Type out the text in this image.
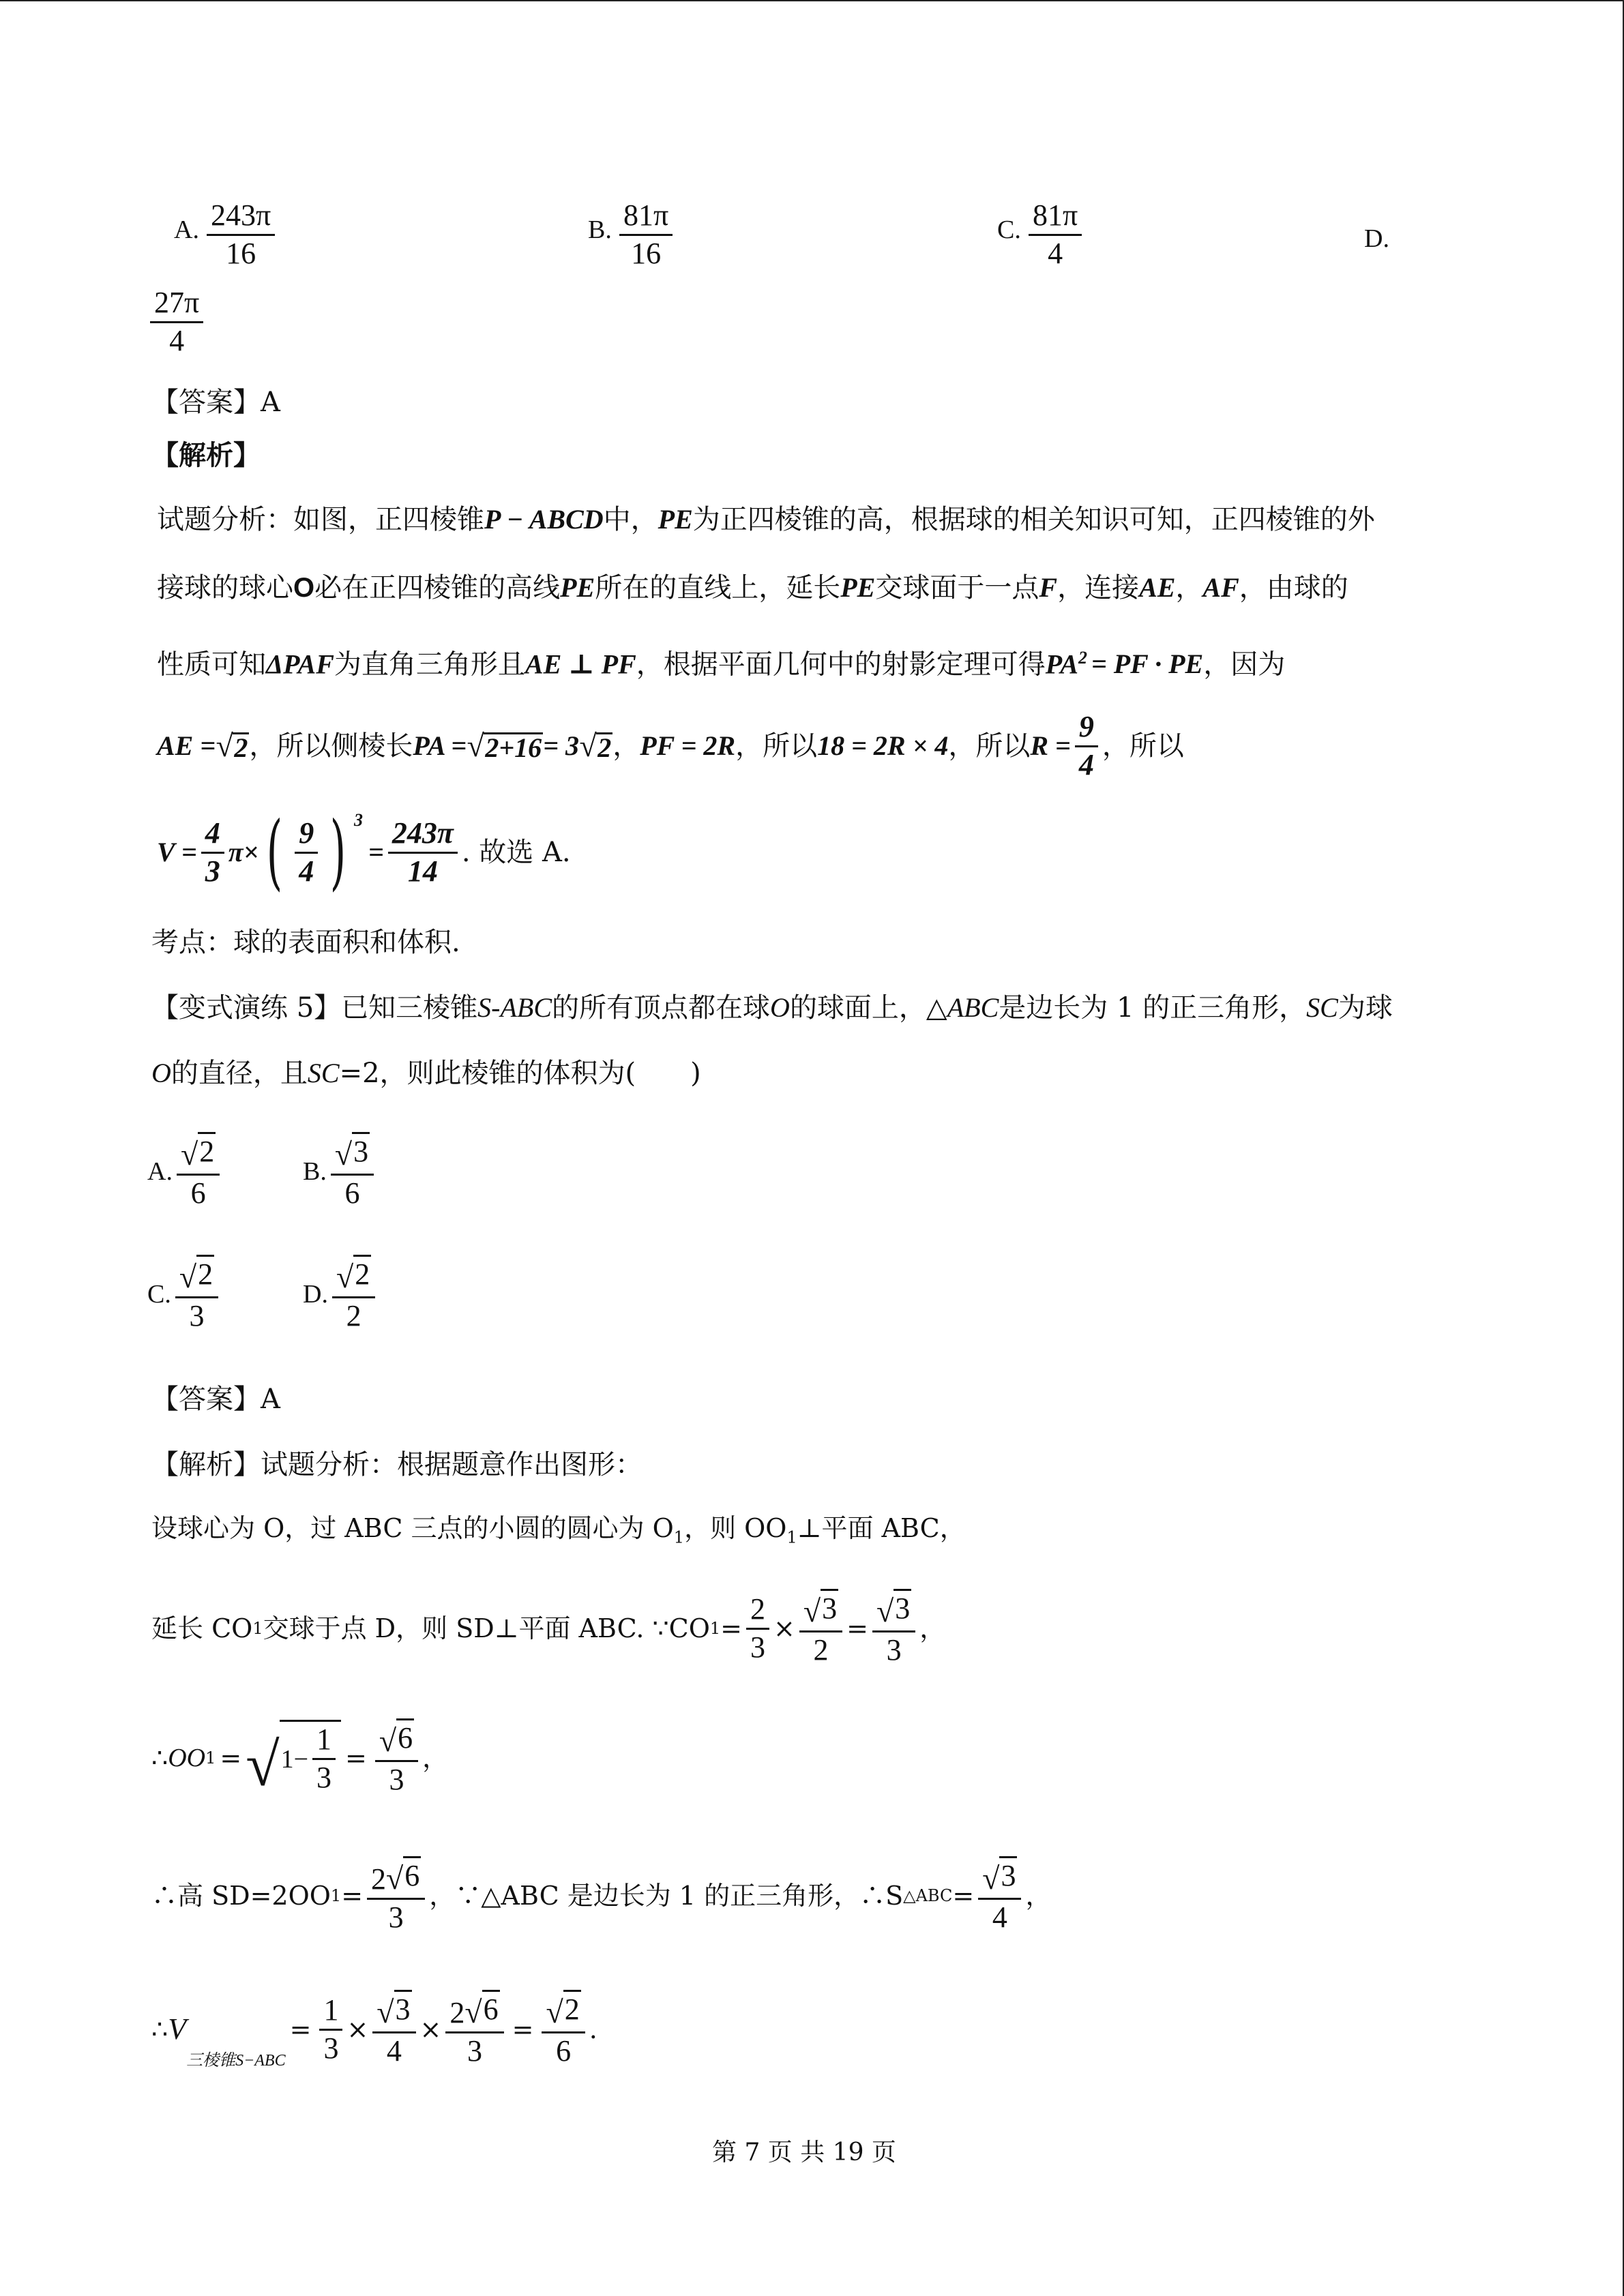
A. $\frac{243\pi}{16}$	B. $\frac{81\pi}{16}$	C. $\frac{81\pi}{4}$	D.
$\frac{27\pi}{4}$
【答案】A
【解析】
试题分析：如图，正四棱锥P − ABCD中，PE为正四棱锥的高，根据球的相关知识可知，正四棱锥的外
接球的球心O必在正四棱锥的高线PE所在的直线上，延长PE交球面于一点F，连接AE，AF，由球的
性质可知ΔPAF为直角三角形且AE ⊥ PF，根据平面几何中的射影定理可得$PA^2$ = PF · PE，因为
AE = √ 2 ，所以侧棱长 PA = √ 2+16 = 3 √ 2 ， PF = 2R ，所以 18 = 2R × 4 ，所以 $R = \frac{9}{4}$ ，所以
$V = \frac{4}{3} \pi\times$ ( $\frac{9}{4}$ ) $^3$
= $\frac{243\pi}{14}$ . 故选 A.
考点：球的表面积和体积.
【变式演练 5】已知三棱锥S-ABC的所有顶点都在球O的球面上，△ABC是边长为 1 的正三角形，SC为球
O的直径，且SC=2，则此棱锥的体积为(　　)
A. $\frac{√ 2}{6}$	B. $\frac{√ 3}{6}$
C. $\frac{√ 2}{3}$	D. $\frac{√ 2}{2}$
【答案】A
【解析】试题分析：根据题意作出图形：
设球心为 O，过 ABC 三点的小圆的圆心为 $O_1$，则 $OO_1\perp$平面 ABC，
延长 CO 1 交球于点 D，则 SD⊥平面 ABC. ∵CO $1 = \frac{2}{3} \times \frac{√ 3}{2} = \frac{√ 3}{3}$ ，
∴ OO 1 = √ $1- \frac{1}{3} = \frac{√ 6}{3}$ ，
∴高 SD=2OO $1 = \frac{2 √ 6}{3}$ ，∵△ABC 是边长为 1 的正三角形，∴S △ABC = $\frac{√ 3}{4}$ ，
∴ V
三棱锥S−ABC
= $\frac{1}{3} \times \frac{√ 3}{4} \times \frac{2 √ 6}{3} = \frac{√ 2}{6}$ .
第 7 页 共 19 页
